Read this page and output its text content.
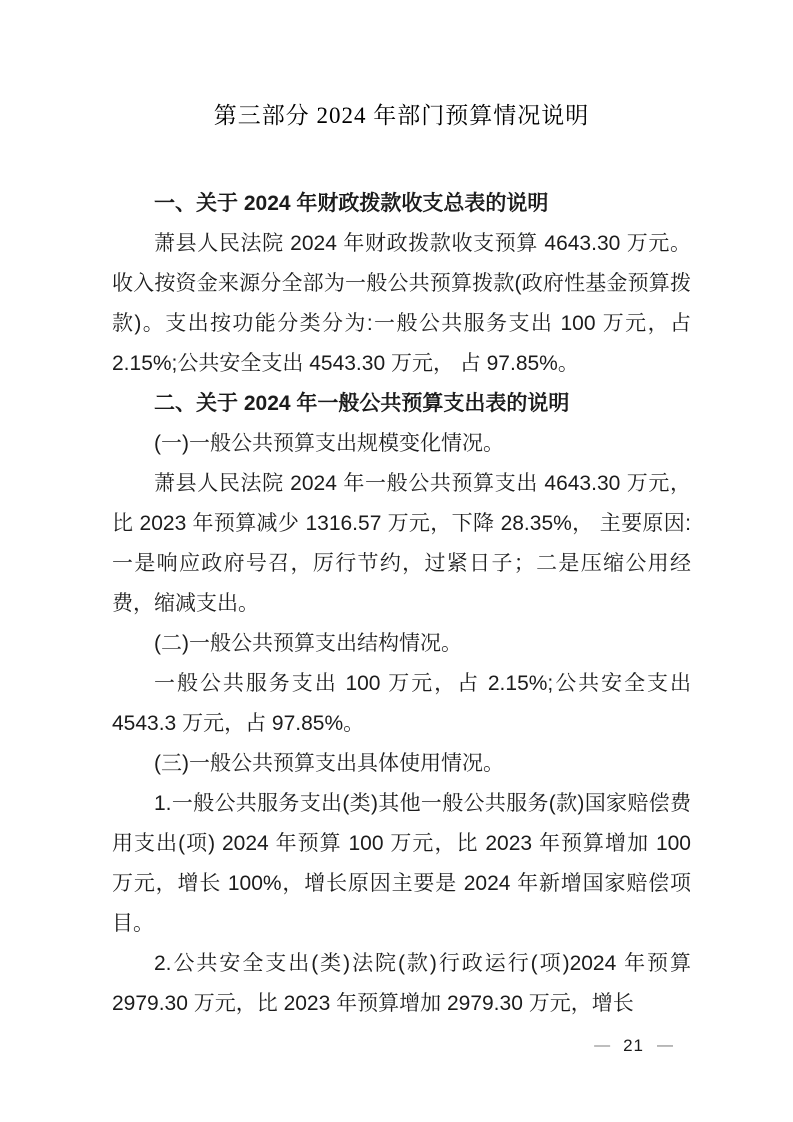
第三部分 2024 年部门预算情况说明

一、关于 2024 年财政拨款收支总表的说明

萧县人民法院 2024 年财政拨款收支预算 4643.30 万元。收入按资金来源分全部为一般公共预算拨款(政府性基金预算拨款)。支出按功能分类分为:一般公共服务支出 100 万元，占 2.15%;公共安全支出 4543.30 万元， 占 97.85%。

二、关于 2024 年一般公共预算支出表的说明

(一)一般公共预算支出规模变化情况。

萧县人民法院 2024 年一般公共预算支出 4643.30 万元，比 2023 年预算减少 1316.57 万元，下降 28.35%， 主要原因:一是响应政府号召，厉行节约，过紧日子；二是压缩公用经费，缩减支出。

(二)一般公共预算支出结构情况。

一般公共服务支出 100 万元，占 2.15%;公共安全支出 4543.3 万元，占 97.85%。

(三)一般公共预算支出具体使用情况。

1.一般公共服务支出(类)其他一般公共服务(款)国家赔偿费用支出(项) 2024 年预算 100 万元，比 2023 年预算增加 100 万元，增长 100%，增长原因主要是 2024 年新增国家赔偿项目。

2.公共安全支出(类)法院(款)行政运行(项)2024 年预算 2979.30 万元，比 2023 年预算增加 2979.30 万元，增长

— 21 —
